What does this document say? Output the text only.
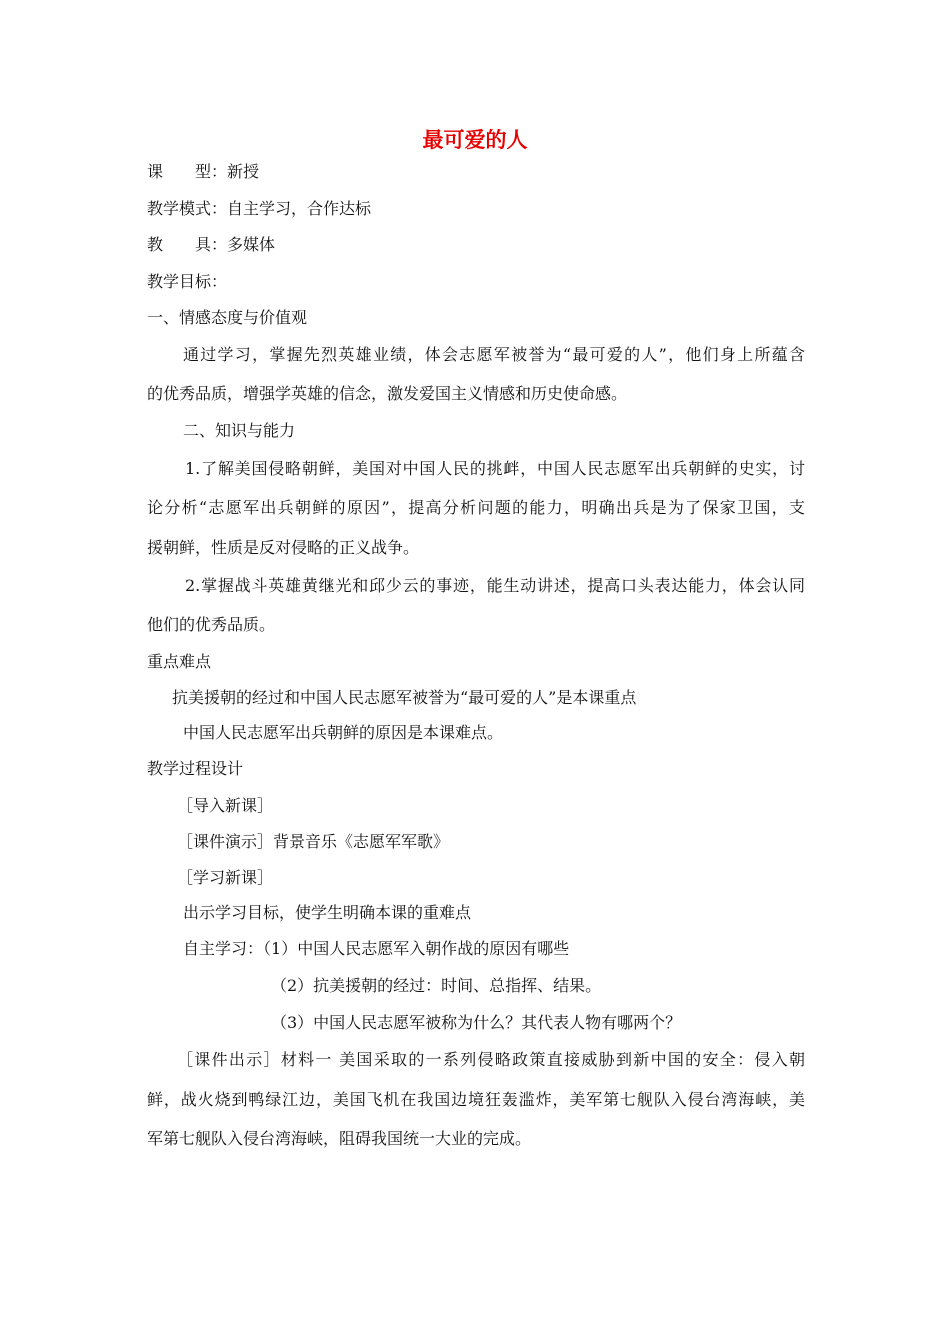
最可爱的人

课　　型：新授

教学模式：自主学习，合作达标

教　　具：多媒体

教学目标：

一、情感态度与价值观

通过学习，掌握先烈英雄业绩，体会志愿军被誉为“最可爱的人”，他们身上所蕴含

的优秀品质，增强学英雄的信念，激发爱国主义情感和历史使命感。

二、知识与能力

1.了解美国侵略朝鲜，美国对中国人民的挑衅，中国人民志愿军出兵朝鲜的史实，讨

论分析“志愿军出兵朝鲜的原因”，提高分析问题的能力，明确出兵是为了保家卫国，支

援朝鲜，性质是反对侵略的正义战争。

2.掌握战斗英雄黄继光和邱少云的事迹，能生动讲述，提高口头表达能力，体会认同

他们的优秀品质。

重点难点

抗美援朝的经过和中国人民志愿军被誉为“最可爱的人”是本课重点

中国人民志愿军出兵朝鲜的原因是本课难点。

教学过程设计

［导入新课］

［课件演示］背景音乐《志愿军军歌》

［学习新课］

出示学习目标，使学生明确本课的重难点

自主学习：（1）中国人民志愿军入朝作战的原因有哪些

（2）抗美援朝的经过：时间、总指挥、结果。

（3）中国人民志愿军被称为什么？其代表人物有哪两个？

［课件出示］材料一 美国采取的一系列侵略政策直接威胁到新中国的安全：侵入朝

鲜，战火烧到鸭绿江边，美国飞机在我国边境狂轰滥炸，美军第七舰队入侵台湾海峡，美

军第七舰队入侵台湾海峡，阻碍我国统一大业的完成。
